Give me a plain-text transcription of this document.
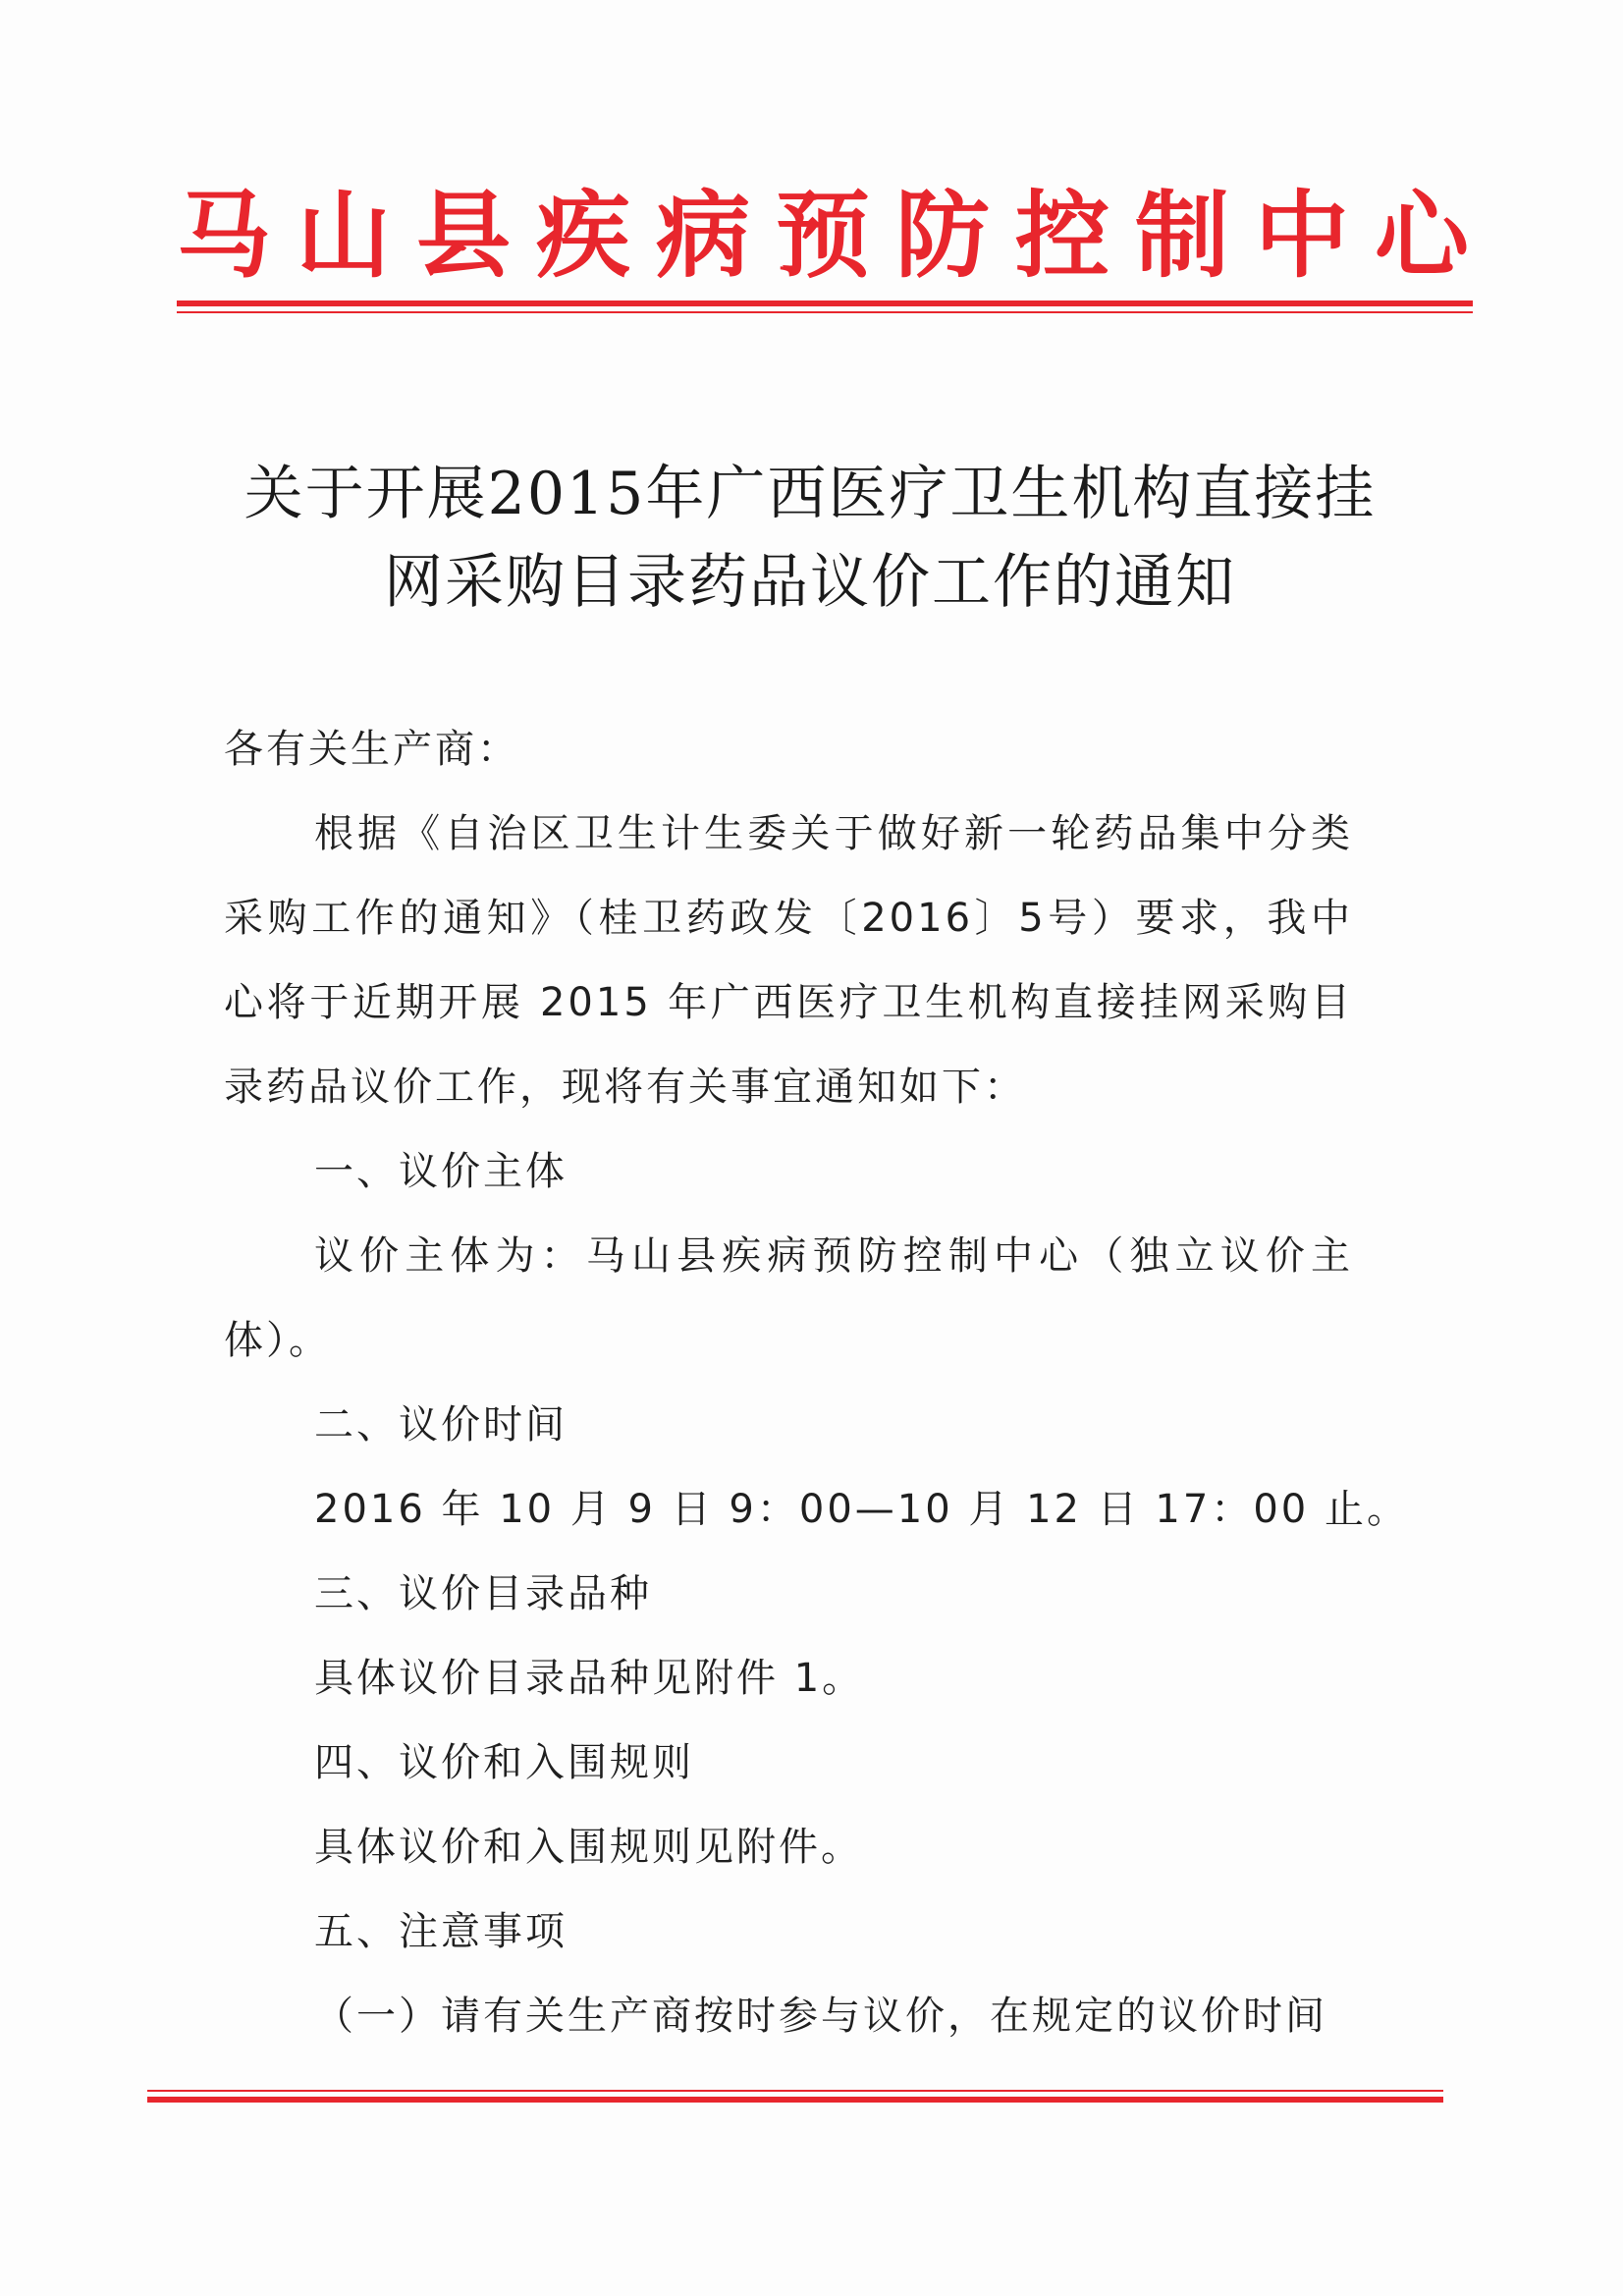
马山县疾病预防控制中心
关于开展2015年广西医疗卫生机构直接挂
网采购目录药品议价工作的通知

各有关生产商：

根据《自治区卫生计生委关于做好新一轮药品集中分类采购工作的通知》（桂卫药政发〔2016〕5号）要求，我中心将于近期开展 2015 年广西医疗卫生机构直接挂网采购目录药品议价工作，现将有关事宜通知如下：

一、议价主体

议价主体为：马山县疾病预防控制中心（独立议价主体）。

二、议价时间

2016 年 10 月 9 日 9：00—10 月 12 日 17：00 止。

三、议价目录品种

具体议价目录品种见附件 1。

四、议价和入围规则

具体议价和入围规则见附件。

五、注意事项

（一）请有关生产商按时参与议价，在规定的议价时间
